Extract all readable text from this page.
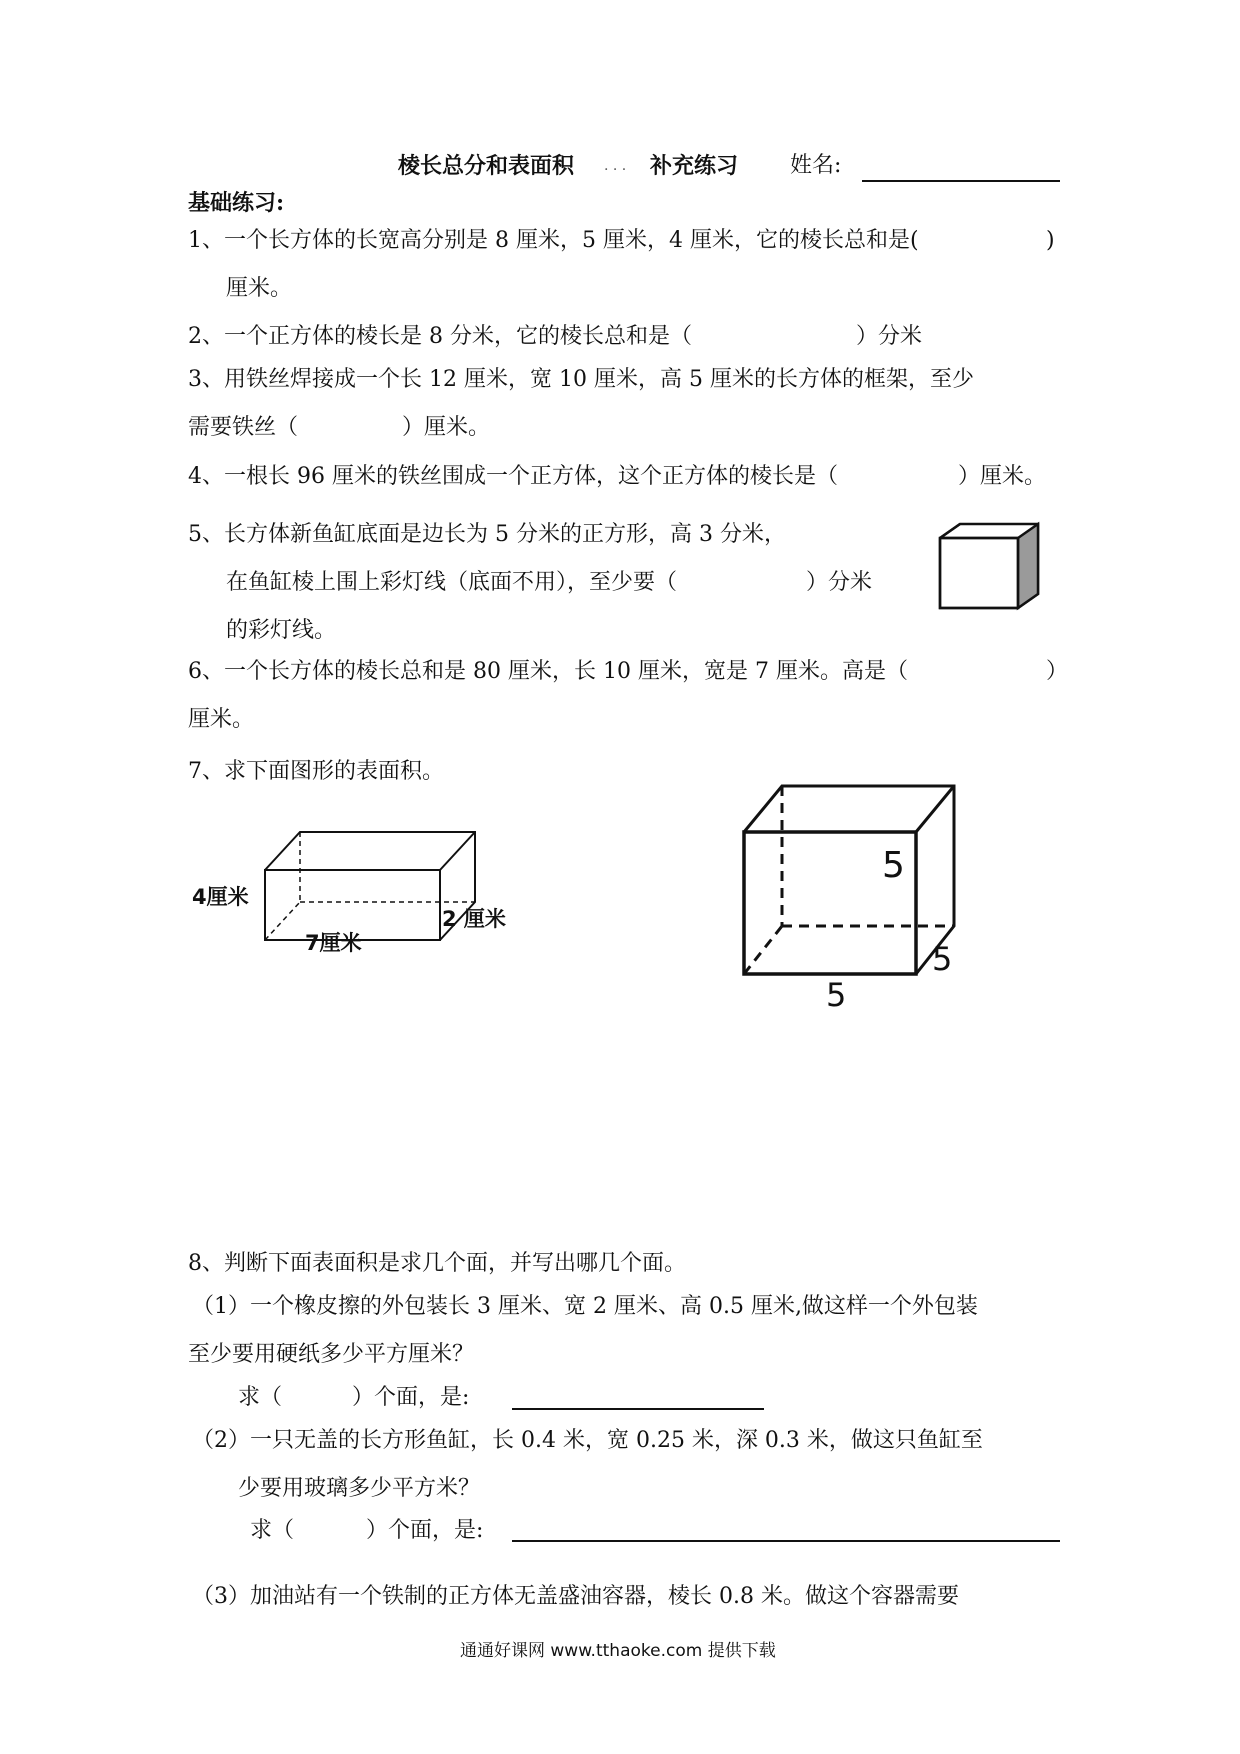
棱长总分和表面积 . . . 补充练习 姓名:
基础练习:
1、一个长方体的长宽高分别是 8 厘米，5 厘米，4 厘米，它的棱长总和是(	)
厘米。
2、一个正方体的棱长是 8 分米，它的棱长总和是（	）分米
3、用铁丝焊接成一个长 12 厘米，宽 10 厘米，高 5 厘米的长方体的框架，至少
需要铁丝（	）厘米。
4、一根长 96 厘米的铁丝围成一个正方体，这个正方体的棱长是（	）厘米。
5、长方体新鱼缸底面是边长为 5 分米的正方形，高 3 分米，
在鱼缸棱上围上彩灯线（底面不用），至少要（	）分米
的彩灯线。
6、一个长方体的棱长总和是 80 厘米，长 10 厘米，宽是 7 厘米。高是（	）
厘米。
7、求下面图形的表面积。
4厘米
7厘米
2 厘米
5
5
5
8、判断下面表面积是求几个面，并写出哪几个面。
（1）一个橡皮擦的外包装长 3 厘米、宽 2 厘米、高 0.5 厘米,做这样一个外包装
至少要用硬纸多少平方厘米？
求（	）个面，是:
（2）一只无盖的长方形鱼缸，长 0.4 米，宽 0.25 米，深 0.3 米，做这只鱼缸至
少要用玻璃多少平方米？
求（	）个面，是:
（3）加油站有一个铁制的正方体无盖盛油容器，棱长 0.8 米。做这个容器需要
通通好课网 www.tthaoke.com 提供下载
